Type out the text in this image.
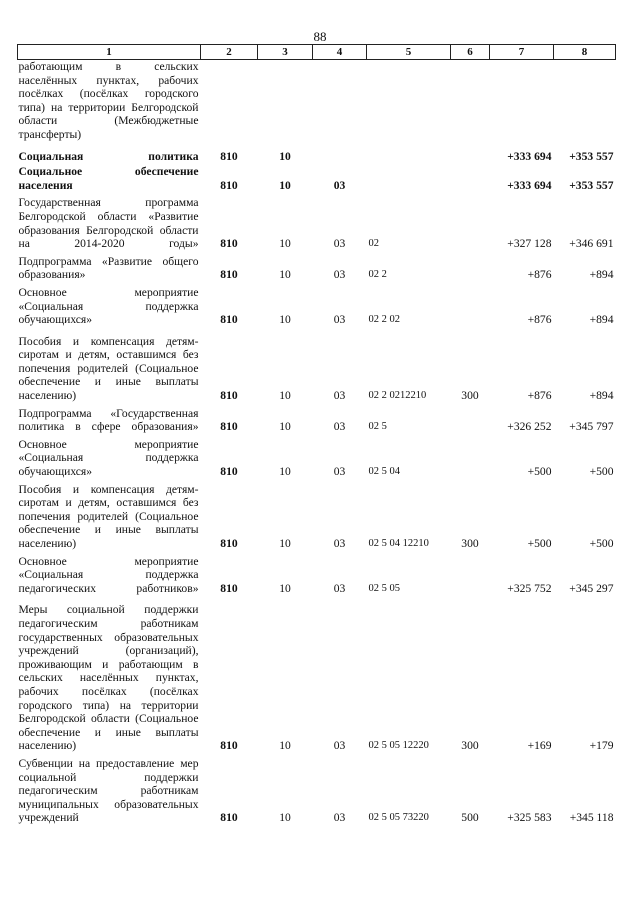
88
1	2	3	4	5	6	7	8
работающим в сельских населённых пунктах, рабочих посёлках (посёлках городского типа) на территории Белгородской области (Межбюджетные трансферты)							
Социальная политика	810	10				+333 694	+353 557
Социальное обеспечение населения	810	10	03			+333 694	+353 557
Государственная программа Белгородской области «Развитие образования Белгородской области на 2014-2020 годы»	810	10	03	02		+327 128	+346 691
Подпрограмма «Развитие общего образования»	810	10	03	02 2		+876	+894
Основное мероприятие «Социальная поддержка обучающихся»	810	10	03	02 2 02		+876	+894
Пособия и компенсация детям-сиротам и детям, оставшимся без попечения родителей (Социальное обеспечение и иные выплаты населению)	810	10	03	02 2 0212210	300	+876	+894
Подпрограмма «Государственная политика в сфере образования»	810	10	03	02 5		+326 252	+345 797
Основное мероприятие «Социальная поддержка обучающихся»	810	10	03	02 5 04		+500	+500
Пособия и компенсация детям-сиротам и детям, оставшимся без попечения родителей (Социальное обеспечение и иные выплаты населению)	810	10	03	02 5 04 12210	300	+500	+500
Основное мероприятие «Социальная поддержка педагогических работников»	810	10	03	02 5 05		+325 752	+345 297
Меры социальной поддержки педагогическим работникам государственных образовательных учреждений (организаций), проживающим и работающим в сельских населённых пунктах, рабочих посёлках (посёлках городского типа) на территории Белгородской области (Социальное обеспечение и иные выплаты населению)	810	10	03	02 5 05 12220	300	+169	+179
Субвенции на предоставление мер социальной поддержки педагогическим работникам муниципальных образовательных учреждений	810	10	03	02 5 05 73220	500	+325 583	+345 118
